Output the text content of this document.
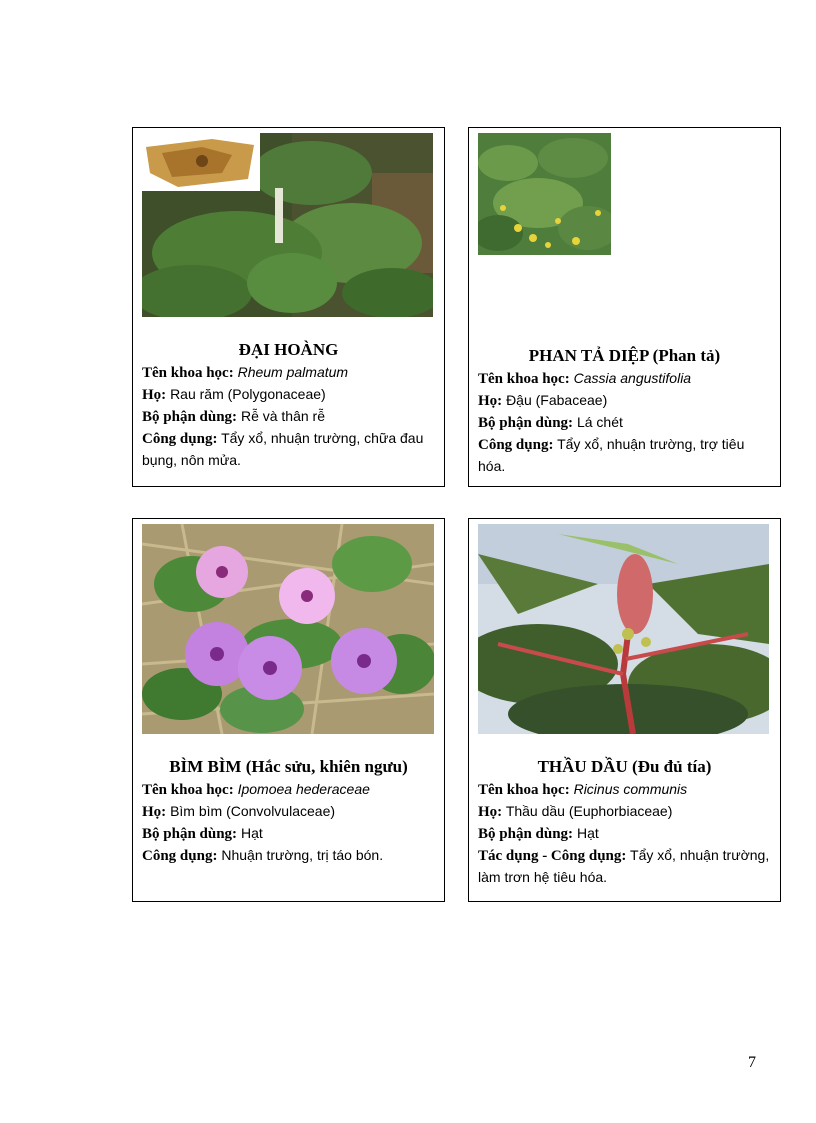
ĐẠI HOÀNG
Tên khoa học: Rheum palmatum
Họ: Rau răm (Polygonaceae)
Bộ phận dùng: Rễ và thân rễ
Công dụng: Tẩy xổ, nhuận trường, chữa đau bụng, nôn mửa.
PHAN TẢ DIỆP (Phan tả)
Tên khoa học: Cassia angustifolia
Họ: Đậu (Fabaceae)
Bộ phận dùng: Lá chét
Công dụng: Tẩy xổ, nhuận trường, trợ tiêu hóa.
BÌM BÌM (Hắc sửu, khiên ngưu)
Tên khoa học: Ipomoea hederaceae
Họ: Bìm bìm (Convolvulaceae)
Bộ phận dùng: Hạt
Công dụng: Nhuận trường, trị táo bón.
THẦU DẦU (Đu đủ tía)
Tên khoa học: Ricinus communis
Họ: Thầu dầu (Euphorbiaceae)
Bộ phận dùng: Hạt
Tác dụng - Công dụng: Tẩy xổ, nhuận trường, làm trơn hệ tiêu hóa.
7
